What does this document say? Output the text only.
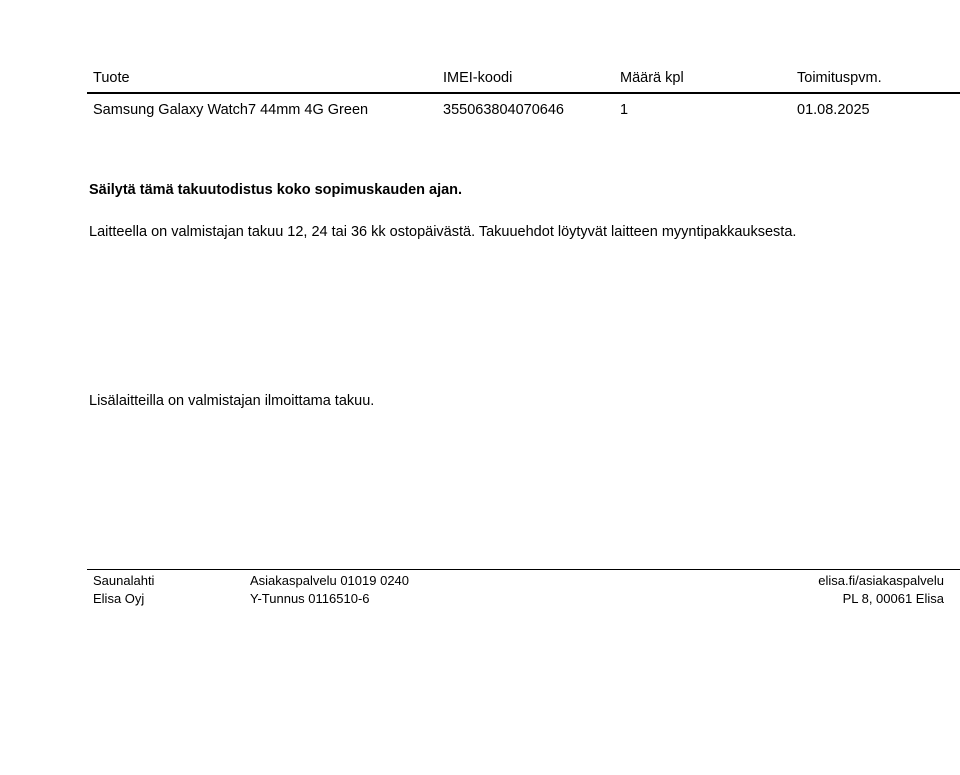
Tuote	IMEI-koodi	Määrä kpl	Toimituspvm.
Samsung Galaxy Watch7 44mm 4G Green	355063804070646	1	01.08.2025
Säilytä tämä takuutodistus koko sopimuskauden ajan.
Laitteella on valmistajan takuu 12, 24 tai 36 kk ostopäivästä. Takuuehdot löytyvät laitteen myyntipakkauksesta.
Lisälaitteilla on valmistajan ilmoittama takuu.
Saunalahti
Elisa Oyj
Asiakaspalvelu 01019 0240
Y-Tunnus 0116510-6
elisa.fi/asiakaspalvelu
PL 8, 00061 Elisa
